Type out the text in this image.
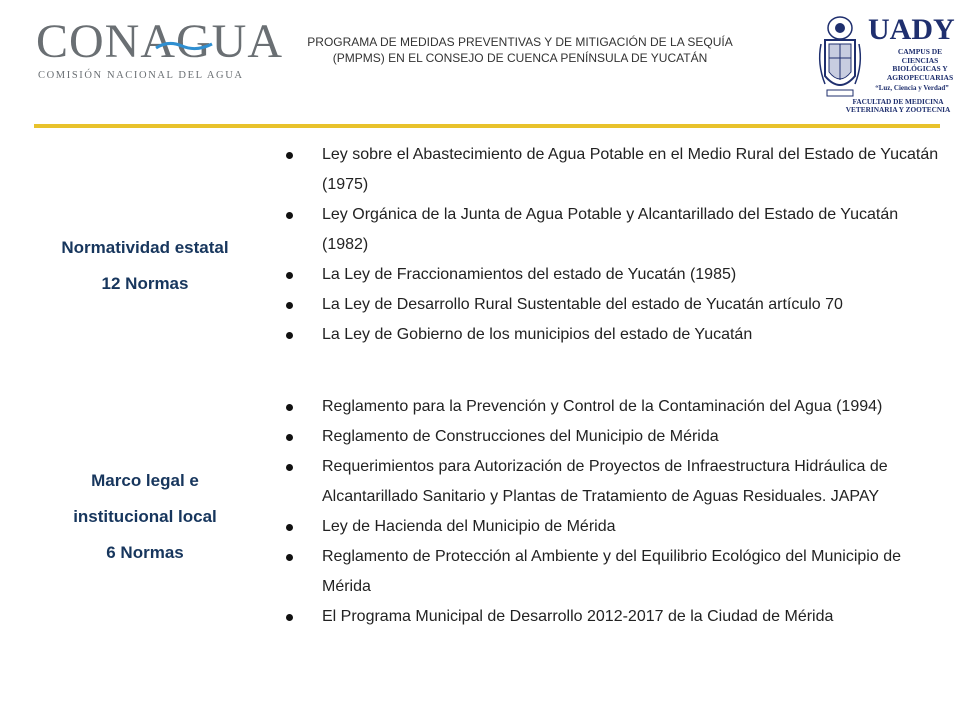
CONAGUA
COMISIÓN NACIONAL DEL AGUA
PROGRAMA DE MEDIDAS PREVENTIVAS Y DE MITIGACIÓN DE LA SEQUÍA
(PMPMS) EN EL CONSEJO DE CUENCA PENÍNSULA DE YUCATÁN
UADY
CAMPUS DE
CIENCIAS
BIOLÓGICAS Y
AGROPECUARIAS
“Luz, Ciencia y Verdad”
FACULTAD DE MEDICINA
VETERINARIA Y ZOOTECNIA
Normatividad estatal
12 Normas
Ley sobre el Abastecimiento de Agua Potable en el Medio Rural del Estado de Yucatán (1975)
Ley Orgánica de la Junta de Agua Potable y Alcantarillado del Estado de Yucatán (1982)
La Ley de Fraccionamientos del estado de Yucatán (1985)
La Ley de Desarrollo Rural Sustentable del estado de Yucatán artículo 70
La Ley de Gobierno de los municipios del estado de Yucatán
Marco legal e
institucional local
6 Normas
Reglamento para la Prevención y Control de la Contaminación del Agua (1994)
Reglamento de Construcciones del Municipio de Mérida
Requerimientos para Autorización de Proyectos de Infraestructura Hidráulica de Alcantarillado Sanitario y Plantas de Tratamiento de Aguas Residuales. JAPAY
Ley de Hacienda del Municipio de Mérida
Reglamento de Protección al Ambiente y del Equilibrio Ecológico del Municipio de Mérida
El Programa Municipal de Desarrollo 2012-2017 de la Ciudad de Mérida
